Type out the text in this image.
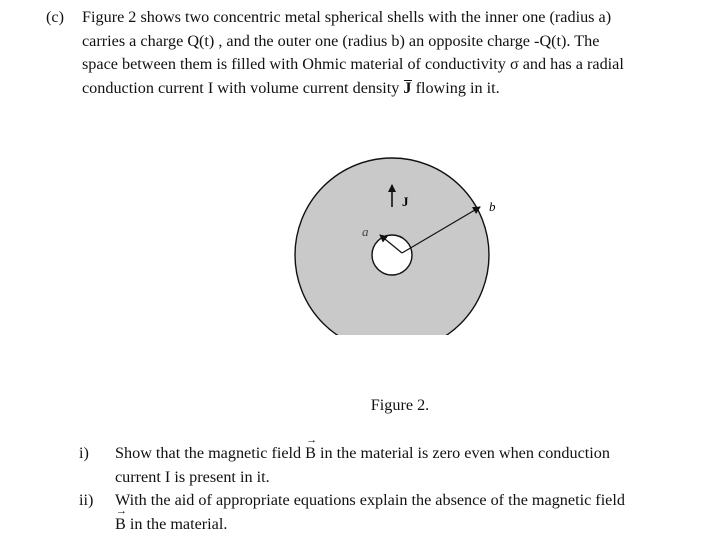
(c) Figure 2 shows two concentric metal spherical shells with the inner one (radius a)
carries a charge Q(t) , and the outer one (radius b) an opposite charge -Q(t). The
space between them is filled with Ohmic material of conductivity σ and has a radial
conduction current I with volume current density J flowing in it.
J
a
b
Figure 2.
i) Show that the magnetic field → B in the material is zero even when conduction
current I is present in it.
ii) With the aid of appropriate equations explain the absence of the magnetic field
→ B in the material.
